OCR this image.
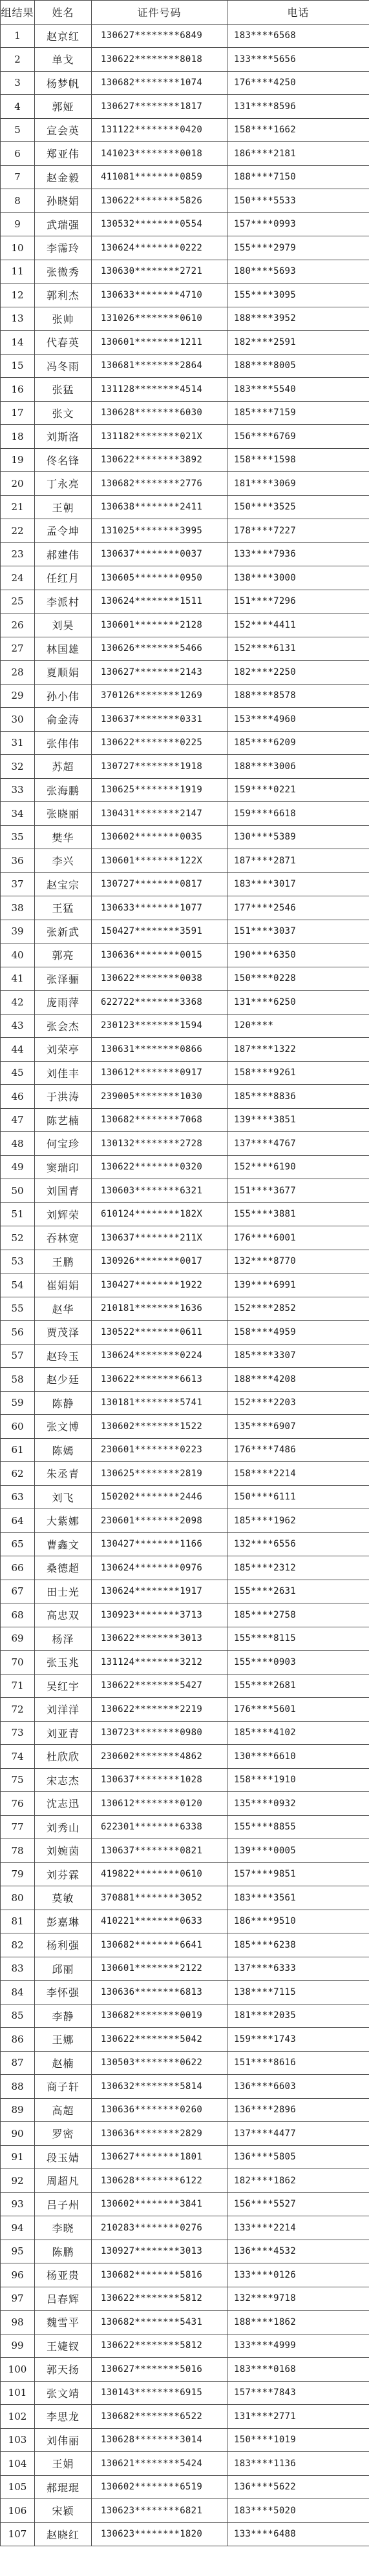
组结果	姓名	证件号码	电话
1	赵京红	130627********6849	183****6568
2	单戈	130622********8018	133****5656
3	杨梦帆	130682********1074	176****4250
4	郭娅	130627********1817	131****8596
5	宣会英	131122********0420	158****1662
6	郑亚伟	141023********0018	186****2181
7	赵金毅	411081********0859	188****7150
8	孙晓娟	130622********5826	150****5533
9	武瑞强	130532********0554	157****0993
10	李霈玲	130624********0222	155****2979
11	张微秀	130630********2721	180****5693
12	郭利杰	130633********4710	155****3095
13	张帅	131026********0610	188****3952
14	代春英	130601********1211	182****2591
15	冯冬雨	130681********2864	188****8005
16	张猛	131128********4514	183****5540
17	张文	130628********6030	185****7159
18	刘斯洛	131182********021X	156****6769
19	佟名锋	130622********3892	158****1598
20	丁永亮	130682********2776	181****3069
21	王朝	130638********2411	150****3525
22	孟令坤	131025********3995	178****7227
23	郝建伟	130637********0037	133****7936
24	任红月	130605********0950	138****3000
25	李派村	130624********1511	151****7296
26	刘昊	130601********2128	152****4411
27	林国雄	130626********5466	152****6131
28	夏顺娟	130627********2143	182****2250
29	孙小伟	370126********1269	188****8578
30	俞金涛	130637********0331	153****4960
31	张伟伟	130622********0225	185****6209
32	苏超	130727********1918	188****3006
33	张海鹏	130625********1919	159****0221
34	张晓丽	130431********2147	159****6618
35	樊华	130602********0035	130****5389
36	李兴	130601********122X	187****2871
37	赵宝宗	130727********0817	183****3017
38	王猛	130633********1077	177****2546
39	张新武	150427********3591	151****3037
40	郭亮	130636********0015	190****6350
41	张泽骊	130622********0038	150****0228
42	庞雨萍	622722********3368	131****6250
43	张会杰	230123********1594	120****
44	刘荣亭	130631********0866	187****1322
45	刘佳丰	130612********0917	158****9261
46	于洪涛	239005********1030	185****8836
47	陈艺楠	130682********7068	139****3851
48	何宝珍	130132********2728	137****4767
49	窦瑞印	130622********0320	152****6190
50	刘国青	130603********6321	151****3677
51	刘辉荣	610124********182X	155****3881
52	吞林宽	130637********211X	176****6001
53	王鹏	130926********0017	132****8770
54	崔娟娟	130427********1922	139****6991
55	赵华	210181********1636	152****2852
56	贾茂泽	130522********0611	158****4959
57	赵玲玉	130624********0224	185****3307
58	赵少廷	130622********6613	188****4208
59	陈静	130181********5741	152****2203
60	张文博	130602********1522	135****6907
61	陈嫣	230601********0223	176****7486
62	朱丞青	130625********2819	158****2214
63	刘飞	150202********2446	150****6111
64	大紫娜	230601********2098	185****1962
65	曹鑫文	130427********1166	132****6556
66	桑德超	130624********0976	185****2312
67	田士光	130624********1917	155****2631
68	高忠双	130923********3713	185****2758
69	杨泽	130622********3013	155****8115
70	张玉兆	131124********3212	155****0903
71	吴红宇	130622********5427	155****2681
72	刘洋洋	130622********2219	176****5601
73	刘亚青	130723********0980	185****4102
74	杜欣欣	230602********4862	130****6610
75	宋志杰	130637********1028	158****1910
76	沈志迅	130612********0120	135****0932
77	刘秀山	622301********6338	155****8855
78	刘婉茵	130637********0821	139****0005
79	刘芬霖	419822********0610	157****9851
80	莫敏	370881********3052	183****3561
81	彭嘉琳	410221********0633	186****9510
82	杨利强	130682********6641	185****6238
83	邱丽	130601********2122	137****6333
84	李怀强	130636********6813	138****7115
85	李静	130682********0019	181****2035
86	王娜	130622********5042	159****1743
87	赵楠	130503********0622	151****8616
88	商子轩	130632********5814	136****6603
89	高超	130636********0260	136****2896
90	罗密	130636********2829	137****4477
91	段玉婧	130627********1801	136****5805
92	周超凡	130628********6122	182****1862
93	吕子州	130602********3841	156****5527
94	李晓	210283********0276	133****2214
95	陈鹏	130927********3013	136****4532
96	杨亚贵	130682********5816	133****0126
97	吕春辉	130622********5812	132****9718
98	魏雪平	130682********5431	188****1862
99	王婕钗	130622********5812	133****4999
100	郭天扬	130627********5016	183****0168
101	张文靖	130143********6915	157****7843
102	李思龙	130682********6522	131****2771
103	刘伟丽	130628********3014	150****1019
104	王娟	130621********5424	183****1136
105	郝琨琨	130602********6519	136****5622
106	宋颖	130623********6821	183****5020
107	赵晓红	130623********1820	133****6488
